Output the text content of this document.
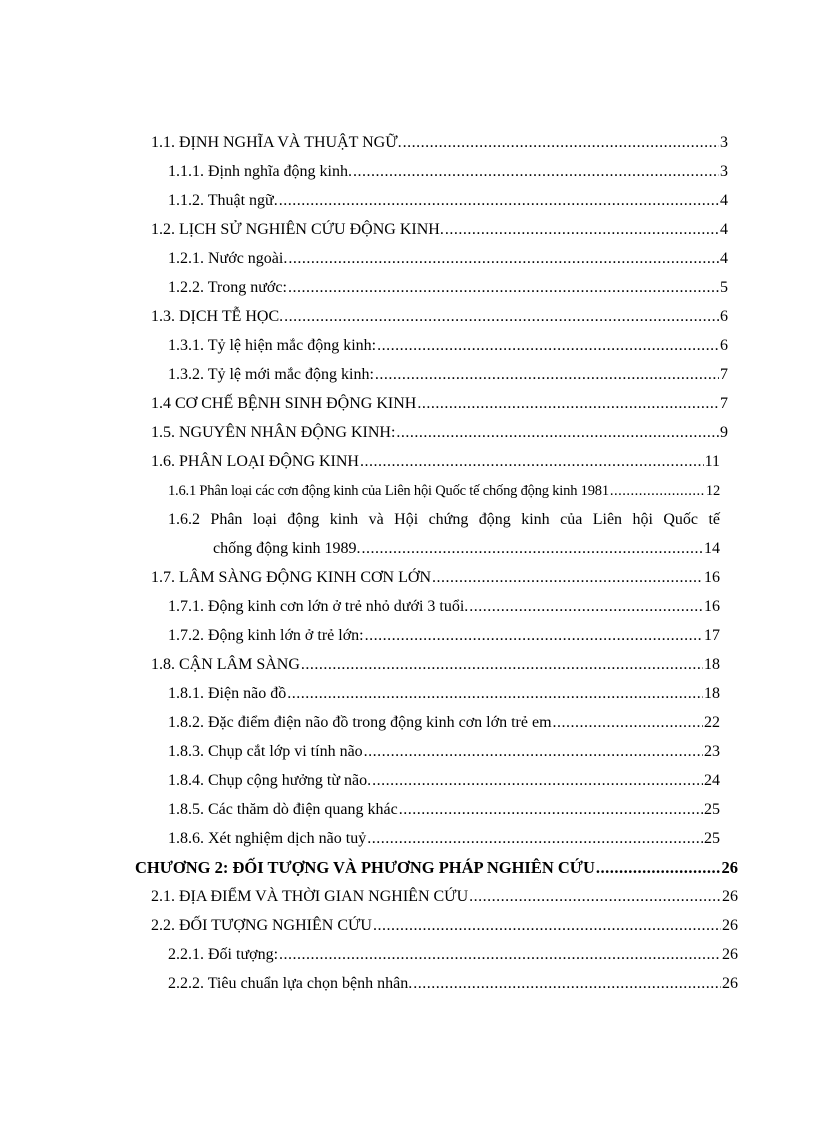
1.1. ĐỊNH NGHĨA VÀ THUẬT NGỮ. .....	3
1.1.1. Định nghĩa động kinh. .....	3
1.1.2. Thuật ngữ. .....	4
1.2. LỊCH SỬ NGHIÊN CỨU ĐỘNG KINH. .....	4
1.2.1. Nước ngoài. .....	4
1.2.2. Trong nước: .....	5
1.3. DỊCH TỄ HỌC. .....	6
1.3.1. Tỷ lệ hiện mắc động kinh: .....	6
1.3.2. Tỷ lệ mới mắc động kinh: .....	7
1.4 CƠ CHẾ BỆNH SINH ĐỘNG KINH .....	7
1.5. NGUYÊN NHÂN ĐỘNG KINH: .....	9
1.6. PHÂN LOẠI ĐỘNG KINH .....	11
1.6.1 Phân loại các cơn động kinh của Liên hội Quốc tế chống động kinh 1981 .....	12
1.6.2 Phân loại động kinh và Hội chứng động kinh của Liên hội Quốc tế
chống động kinh 1989. .....	14
1.7. LÂM SÀNG ĐỘNG KINH CƠN LỚN .....	16
1.7.1. Động kinh cơn lớn ở trẻ nhỏ dưới 3 tuổi. .....	16
1.7.2. Động kinh lớn ở trẻ lớn: .....	17
1.8. CẬN LÂM SÀNG .....	18
1.8.1. Điện não đồ .....	18
1.8.2. Đặc điểm điện não đồ trong động kinh cơn lớn trẻ em .....	22
1.8.3. Chụp cắt lớp vi tính não .....	23
1.8.4. Chụp cộng hưởng từ não. .....	24
1.8.5. Các thăm dò điện quang khác .....	25
1.8.6. Xét nghiệm dịch não tuỷ .....	25
CHƯƠNG 2: ĐỐI TƯỢNG VÀ PHƯƠNG PHÁP NGHIÊN CỨU .....	26
2.1. ĐỊA ĐIỂM VÀ THỜI GIAN NGHIÊN CỨU .....	26
2.2. ĐỐI TƯỢNG NGHIÊN CỨU .....	26
2.2.1. Đối tượng: .....	26
2.2.2. Tiêu chuẩn lựa chọn bệnh nhân. .....	26
